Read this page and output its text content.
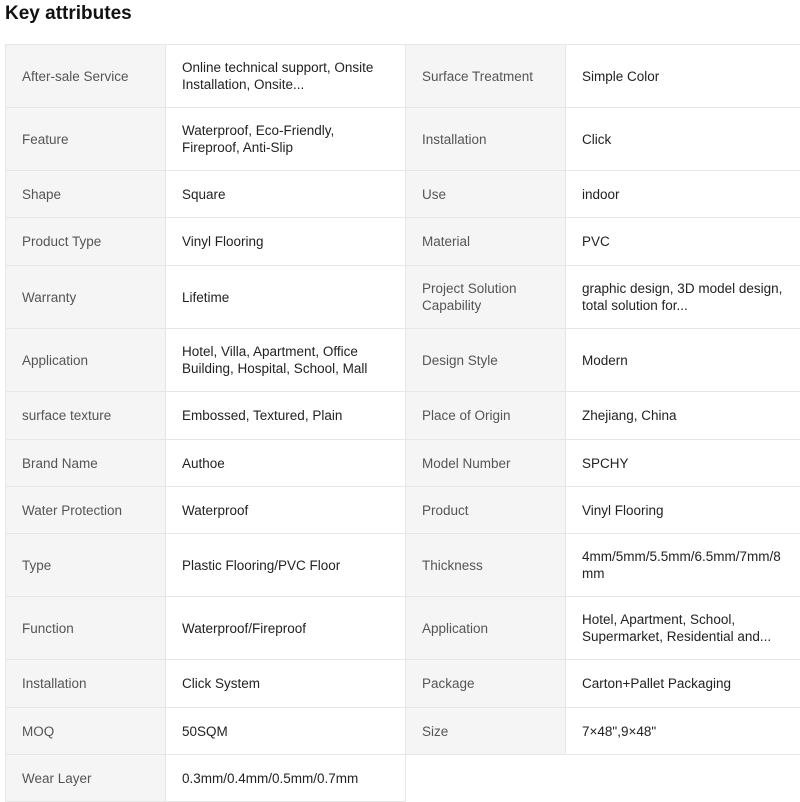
Key attributes
After-sale Service	Online technical support, Onsite Installation, Onsite...	Surface Treatment	Simple Color

Feature	Waterproof, Eco-Friendly, Fireproof, Anti-Slip	Installation	Click

Shape	Square	Use	indoor

Product Type	Vinyl Flooring	Material	PVC

Warranty	Lifetime	Project Solution Capability	graphic design, 3D model design, total solution for...

Application	Hotel, Villa, Apartment, Office Building, Hospital, School, Mall	Design Style	Modern

surface texture	Embossed, Textured, Plain	Place of Origin	Zhejiang, China

Brand Name	Authoe	Model Number	SPCHY

Water Protection	Waterproof	Product	Vinyl Flooring

Type	Plastic Flooring/PVC Floor	Thickness	4mm/5mm/5.5mm/6.5mm/7mm/8mm

Function	Waterproof/Fireproof	Application	Hotel, Apartment, School, Supermarket, Residential and...

Installation	Click System	Package	Carton+Pallet Packaging

MOQ	50SQM	Size	7×48",9×48"

Wear Layer	0.3mm/0.4mm/0.5mm/0.7mm		
